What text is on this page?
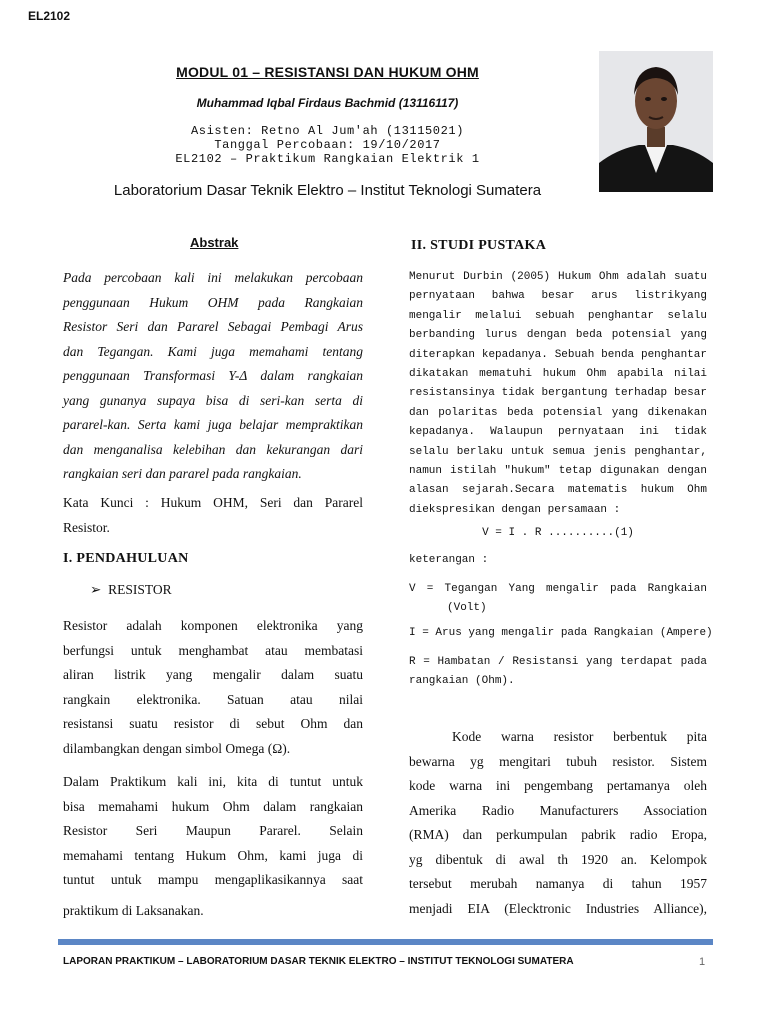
EL2102
MODUL 01 – RESISTANSI DAN HUKUM OHM
Muhammad Iqbal Firdaus Bachmid (13116117)
Asisten: Retno Al Jum'ah (13115021)
Tanggal Percobaan: 19/10/2017
EL2102 – Praktikum Rangkaian Elektrik 1
Laboratorium Dasar Teknik Elektro – Institut Teknologi Sumatera
Abstrak
Pada percobaan kali ini melakukan percobaan
penggunaan Hukum OHM pada Rangkaian
Resistor Seri dan Pararel Sebagai Pembagi Arus
dan Tegangan. Kami juga memahami tentang
penggunaan Transformasi Y-Δ dalam rangkaian
yang gunanya supaya bisa di seri-kan serta di
pararel-kan. Serta kami juga belajar mempraktikan
dan menganalisa kelebihan dan kekurangan dari
rangkaian seri dan pararel pada rangkaian.
Kata Kunci : Hukum OHM, Seri dan Pararel
Resistor.
I. PENDAHULUAN
➢ RESISTOR
Resistor adalah komponen elektronika yang
berfungsi untuk menghambat atau membatasi
aliran listrik yang mengalir dalam suatu
rangkain elektronika. Satuan atau nilai
resistansi suatu resistor di sebut Ohm dan
dilambangkan dengan simbol Omega (Ω).
Dalam Praktikum kali ini, kita di tuntut untuk
bisa memahami hukum Ohm dalam rangkaian
Resistor Seri Maupun Pararel. Selain
memahami tentang Hukum Ohm, kami juga di
tuntut untuk mampu mengaplikasikannya saat
praktikum di Laksanakan.
II. STUDI PUSTAKA
Menurut Durbin (2005) Hukum Ohm adalah suatu
pernyataan bahwa besar arus listrikyang
mengalir melalui sebuah penghantar selalu
berbanding lurus dengan beda potensial yang
diterapkan kepadanya. Sebuah benda penghantar
dikatakan mematuhi hukum Ohm apabila nilai
resistansinya tidak bergantung terhadap besar
dan polaritas beda potensial yang dikenakan
kepadanya. Walaupun pernyataan ini tidak
selalu berlaku untuk semua jenis penghantar,
namun istilah "hukum" tetap digunakan dengan
alasan sejarah.Secara matematis hukum Ohm
diekspresikan dengan persamaan :
V = I . R ..........(1)
keterangan :
V = Tegangan Yang mengalir pada Rangkaian
(Volt)
I = Arus yang mengalir pada Rangkaian (Ampere)
R = Hambatan / Resistansi yang terdapat pada
rangkaian (Ohm).
Kode warna resistor berbentuk pita
bewarna yg mengitari tubuh resistor. Sistem
kode warna ini pengembang pertamanya oleh
Amerika Radio Manufacturers Association
(RMA) dan perkumpulan pabrik radio Eropa,
yg dibentuk di awal th 1920 an. Kelompok
tersebut merubah namanya di tahun 1957
menjadi EIA (Elecktronic Industries Alliance),
LAPORAN PRAKTIKUM – LABORATORIUM DASAR TEKNIK ELEKTRO – INSTITUT TEKNOLOGI SUMATERA	1
